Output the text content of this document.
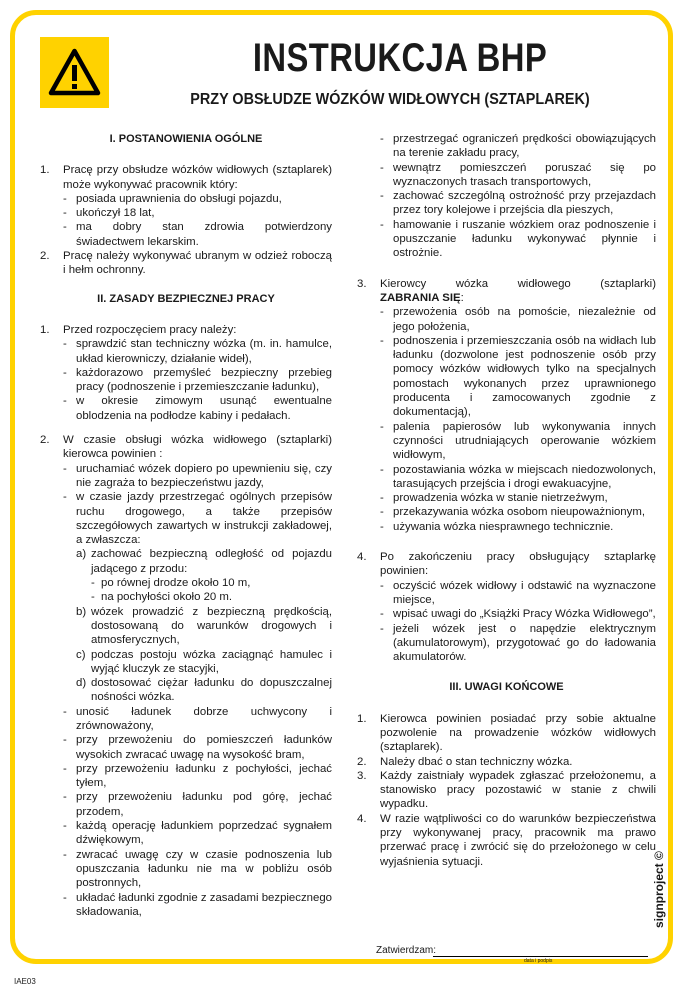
INSTRUKCJA BHP
PRZY OBSŁUDZE WÓZKÓW WIDŁOWYCH (SZTAPLAREK)
I. POSTANOWIENIA OGÓLNE
1.	Pracę przy obsłudze wózków widłowych (sztaplarek) może wykonywać pracownik który:

- posiada uprawnienia do obsługi pojazdu,
- ukończył 18 lat,
- ma dobry stan zdrowia potwierdzony świadectwem lekarskim.
2.	Pracę należy wykonywać ubranym w odzież roboczą i hełm ochronny.

II. ZASADY BEZPIECZNEJ PRACY
1.	Przed rozpoczęciem pracy należy:

- sprawdzić stan techniczny wózka (m. in. hamulce, układ kierowniczy, działanie wideł),
- każdorazowo przemyśleć bezpieczny przebieg pracy (podnoszenie i przemieszczanie ładunku),
- w okresie zimowym usunąć ewentualne oblodzenia na podłodze kabiny i pedałach.
2.	W czasie obsługi wózka widłowego (sztaplarki) kierowca powinien :

- uruchamiać wózek dopiero po upewnieniu się, czy nie zagraża to bezpieczeństwu jazdy,
- w czasie jazdy przestrzegać ogólnych przepisów ruchu drogowego, a także przepisów szczegółowych zawartych w instrukcji zakładowej, a zwłaszcza:
a) zachować bezpieczną odległość od pojazdu jadącego z przodu:
- po równej drodze około 10 m,
- na pochyłości około 20 m.
b) wózek prowadzić z bezpieczną prędkością, dostosowaną do warunków drogowych i atmosferycznych,
c) podczas postoju wózka zaciągnąć hamulec i wyjąć kluczyk ze stacyjki,
d) dostosować ciężar ładunku do dopuszczalnej nośności wózka.
- unosić ładunek dobrze uchwycony i zrównoważony,
- przy przewożeniu do pomieszczeń ładunków wysokich zwracać uwagę na wysokość bram,
- przy przewożeniu ładunku z pochyłości, jechać tyłem,
- przy przewożeniu ładunku pod górę, jechać przodem,
- każdą operację ładunkiem poprzedzać sygnałem dźwiękowym,
- zwracać uwagę czy w czasie podnoszenia lub opuszczania ładunku nie ma w pobliżu osób postronnych,
- układać ładunki zgodnie z zasadami bezpiecznego składowania,
- przestrzegać ograniczeń prędkości obowiązujących na terenie zakładu pracy,
- wewnątrz pomieszczeń poruszać się po wyznaczonych trasach transportowych,
- zachować szczególną ostrożność przy przejazdach przez tory kolejowe i przejścia dla pieszych,
- hamowanie i ruszanie wózkiem oraz podnoszenie i opuszczanie ładunku wykonywać płynnie i ostrożnie.
3.	Kierowcy wózka widłowego (sztaplarki)

ZABRANIA SIĘ:

- przewożenia osób na pomoście, niezależnie od jego położenia,
- podnoszenia i przemieszczania osób na widłach lub ładunku (dozwolone jest podnoszenie osób przy pomocy wózków widłowych tylko na specjalnych pomostach wykonanych przez uprawnionego producenta i zamocowanych zgodnie z dokumentacją),
- palenia papierosów lub wykonywania innych czynności utrudniających operowanie wózkiem widłowym,
- pozostawiania wózka w miejscach niedozwolonych, tarasujących przejścia i drogi ewakuacyjne,
- prowadzenia wózka w stanie nietrzeźwym,
- przekazywania wózka osobom nieupoważnionym,
- używania wózka niesprawnego technicznie.
4.	Po zakończeniu pracy obsługujący sztaplarkę powinien:

- oczyścić wózek widłowy i odstawić na wyznaczone miejsce,
- wpisać uwagi do „Książki Pracy Wózka Widłowego”,
- jeżeli wózek jest o napędzie elektrycznym (akumulatorowym), przygotować go do ładowania akumulatorów.
III. UWAGI KOŃCOWE
1.	Kierowca powinien posiadać przy sobie aktualne pozwolenie na prowadzenie wózków widłowych (sztaplarek).
2.	Należy dbać o stan techniczny wózka.
3.	Każdy zaistniały wypadek zgłaszać przełożonemu, a stanowisko pracy pozostawić w stanie z chwili wypadku.
4.	W razie wątpliwości co do warunków bezpieczeństwa przy wykonywanej pracy, pracownik ma prawo przerwać pracę i zwrócić się do przełożonego w celu wyjaśnienia sytuacji.
Zatwierdzam:
data i podpis
IAE03
signproject ©
